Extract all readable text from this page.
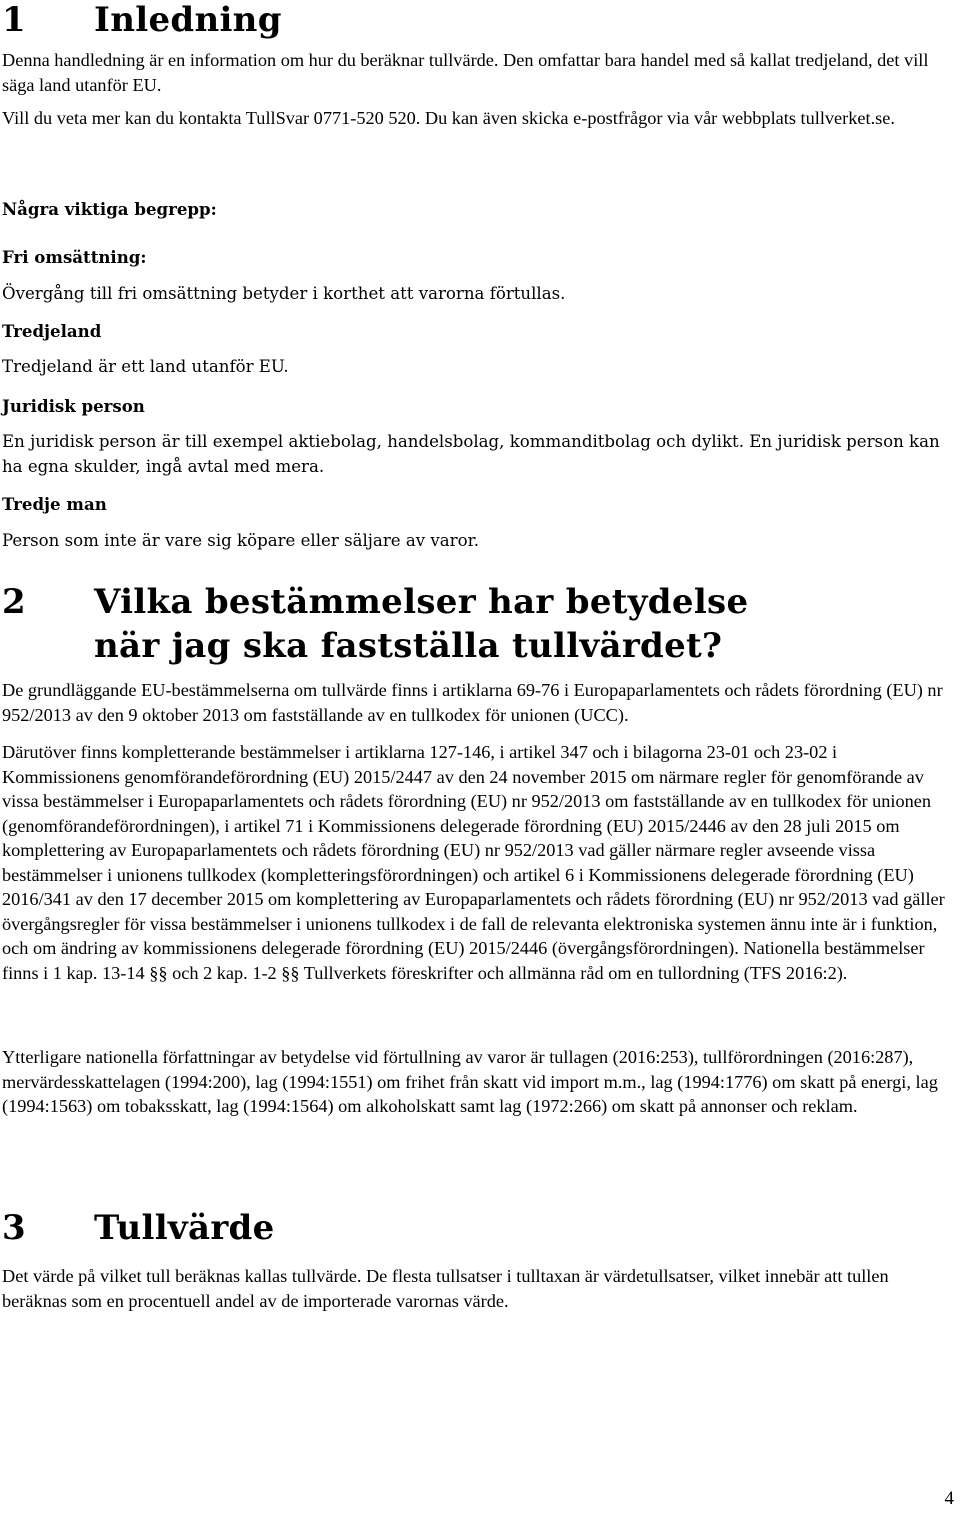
1 Inledning

Denna handledning är en information om hur du beräknar tullvärde. Den omfattar bara handel med så kallat tredjeland, det vill säga land utanför EU.

Vill du veta mer kan du kontakta TullSvar 0771-520 520. Du kan även skicka e-postfrågor via vår webbplats tullverket.se.

Några viktiga begrepp:
Fri omsättning:

Övergång till fri omsättning betyder i korthet att varorna förtullas.

Tredjeland

Tredjeland är ett land utanför EU.

Juridisk person

En juridisk person är till exempel aktiebolag, handelsbolag, kommanditbolag och dylikt. En juridisk person kan ha egna skulder, ingå avtal med mera.

Tredje man

Person som inte är vare sig köpare eller säljare av varor.

2 Vilka bestämmelser har betydelse
när jag ska fastställa tullvärdet?

De grundläggande EU-bestämmelserna om tullvärde finns i artiklarna 69-76 i Europaparlamentets och rådets förordning (EU) nr 952/2013 av den 9 oktober 2013 om fastställande av en tullkodex för unionen (UCC).

Därutöver finns kompletterande bestämmelser i artiklarna 127-146, i artikel 347 och i bilagorna 23-01 och 23-02 i Kommissionens genomförandeförordning (EU) 2015/2447 av den 24 november 2015 om närmare regler för genomförande av vissa bestämmelser i Europaparlamentets och rådets förordning (EU) nr 952/2013 om fastställande av en tullkodex för unionen (genomförandeförordningen), i artikel 71 i Kommissionens delegerade förordning (EU) 2015/2446 av den 28 juli 2015 om komplettering av Europaparlamentets och rådets förordning (EU) nr 952/2013 vad gäller närmare regler avseende vissa bestämmelser i unionens tullkodex (kompletteringsförordningen) och artikel 6 i Kommissionens delegerade förordning (EU) 2016/341 av den 17 december 2015 om komplettering av Europaparlamentets och rådets förordning (EU) nr 952/2013 vad gäller övergångsregler för vissa bestämmelser i unionens tullkodex i de fall de relevanta elektroniska systemen ännu inte är i funktion, och om ändring av kommissionens delegerade förordning (EU) 2015/2446 (övergångsförordningen). Nationella bestämmelser finns i 1 kap. 13-14 §§ och 2 kap. 1-2 §§ Tullverkets föreskrifter och allmänna råd om en tullordning (TFS 2016:2).

Ytterligare nationella författningar av betydelse vid förtullning av varor är tullagen (2016:253), tullförordningen (2016:287), mervärdesskattelagen (1994:200), lag (1994:1551) om frihet från skatt vid import m.m., lag (1994:1776) om skatt på energi, lag (1994:1563) om tobaksskatt, lag (1994:1564) om alkoholskatt samt lag (1972:266) om skatt på annonser och reklam.

3 Tullvärde

Det värde på vilket tull beräknas kallas tullvärde. De flesta tullsatser i tulltaxan är värdetullsatser, vilket innebär att tullen beräknas som en procentuell andel av de importerade varornas värde.

4
